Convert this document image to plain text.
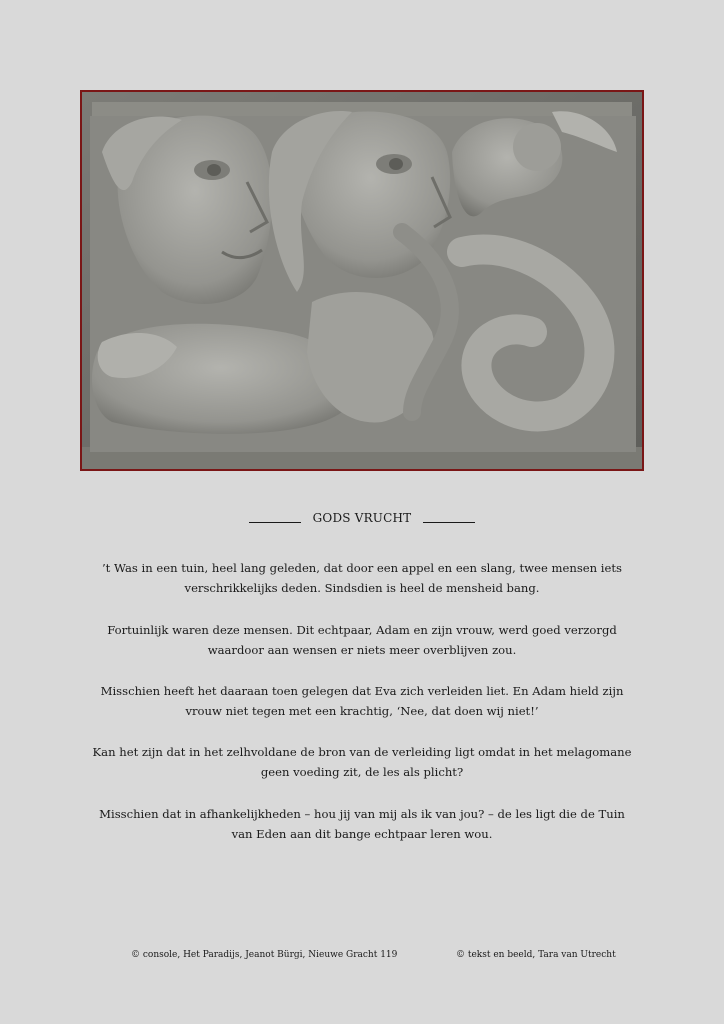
GODS VRUCHT

’t Was in een tuin, heel lang geleden, dat door een appel en een slang, twee mensen iets verschrikkelijks deden. Sindsdien is heel de mensheid bang.

Fortuinlijk waren deze mensen. Dit echtpaar, Adam en zijn vrouw, werd goed verzorgd waardoor aan wensen er niets meer overblijven zou.

Misschien heeft het daaraan toen gelegen dat Eva zich verleiden liet. En Adam hield zijn vrouw niet tegen met een krachtig, ‘Nee, dat doen wij niet!’

Kan het zijn dat in het zelhvoldane de bron van de verleiding ligt omdat in het melagomane geen voeding zit, de les als plicht?

Misschien dat in afhankelijkheden – hou jij van mij als ik van jou? – de les ligt die de Tuin van Eden aan dit bange echtpaar leren wou.

© console, Het Paradijs, Jeanot Bürgi, Nieuwe Gracht 119	© tekst en beeld, Tara van Utrecht
